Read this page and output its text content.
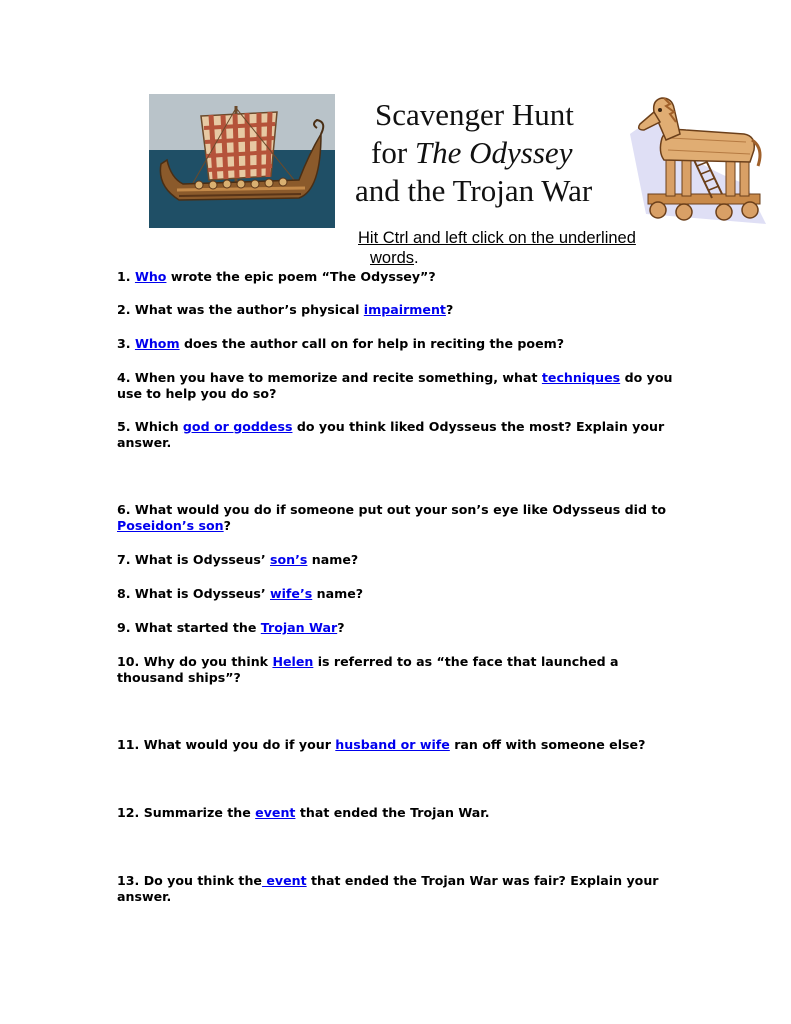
Scavenger Hunt
for The Odyssey
and the Trojan War
Hit Ctrl and left click on the underlined
words.
1. Who wrote the epic poem “The Odyssey”?
2. What was the author’s physical impairment?
3. Whom does the author call on for help in reciting the poem?
4. When you have to memorize and recite something, what techniques do you use to help you do so?
5. Which god or goddess do you think liked Odysseus the most? Explain your answer.
6. What would you do if someone put out your son’s eye like Odysseus did to Poseidon’s son?
7. What is Odysseus’ son’s name?
8. What is Odysseus’ wife’s name?
9. What started the Trojan War?
10. Why do you think Helen is referred to as “the face that launched a thousand ships”?
11. What would you do if your husband or wife ran off with someone else?
12. Summarize the event that ended the Trojan War.
13. Do you think the event that ended the Trojan War was fair? Explain your answer.
